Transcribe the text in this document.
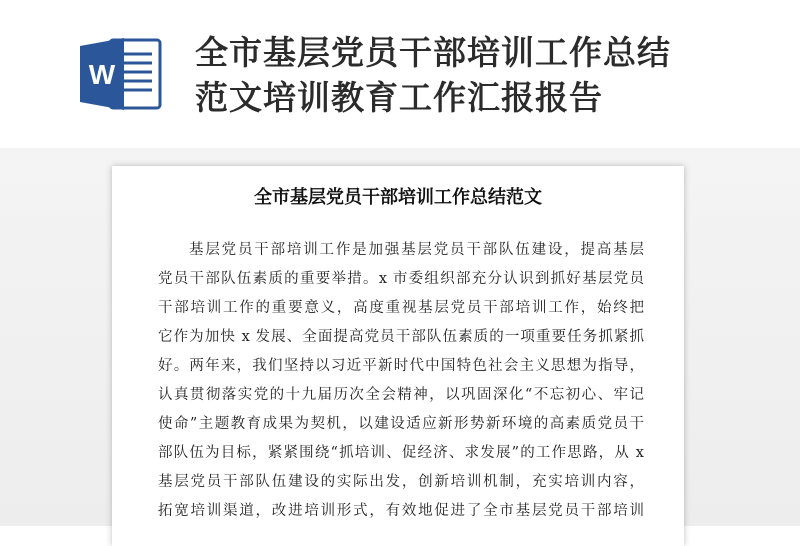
W
全市基层党员干部培训工作总结
范文培训教育工作汇报报告
全市基层党员干部培训工作总结范文
基层党员干部培训工作是加强基层党员干部队伍建设，提高基层
党员干部队伍素质的重要举措。x 市委组织部充分认识到抓好基层党员
干部培训工作的重要意义，高度重视基层党员干部培训工作，始终把
它作为加快 x 发展、全面提高党员干部队伍素质的一项重要任务抓紧抓
好。两年来，我们坚持以习近平新时代中国特色社会主义思想为指导，
认真贯彻落实党的十九届历次全会精神，以巩固深化“不忘初心、牢记
使命”主题教育成果为契机，以建设适应新形势新环境的高素质党员干
部队伍为目标，紧紧围绕“抓培训、促经济、求发展”的工作思路，从 x
基层党员干部队伍建设的实际出发，创新培训机制，充实培训内容，
拓宽培训渠道，改进培训形式，有效地促进了全市基层党员干部培训
